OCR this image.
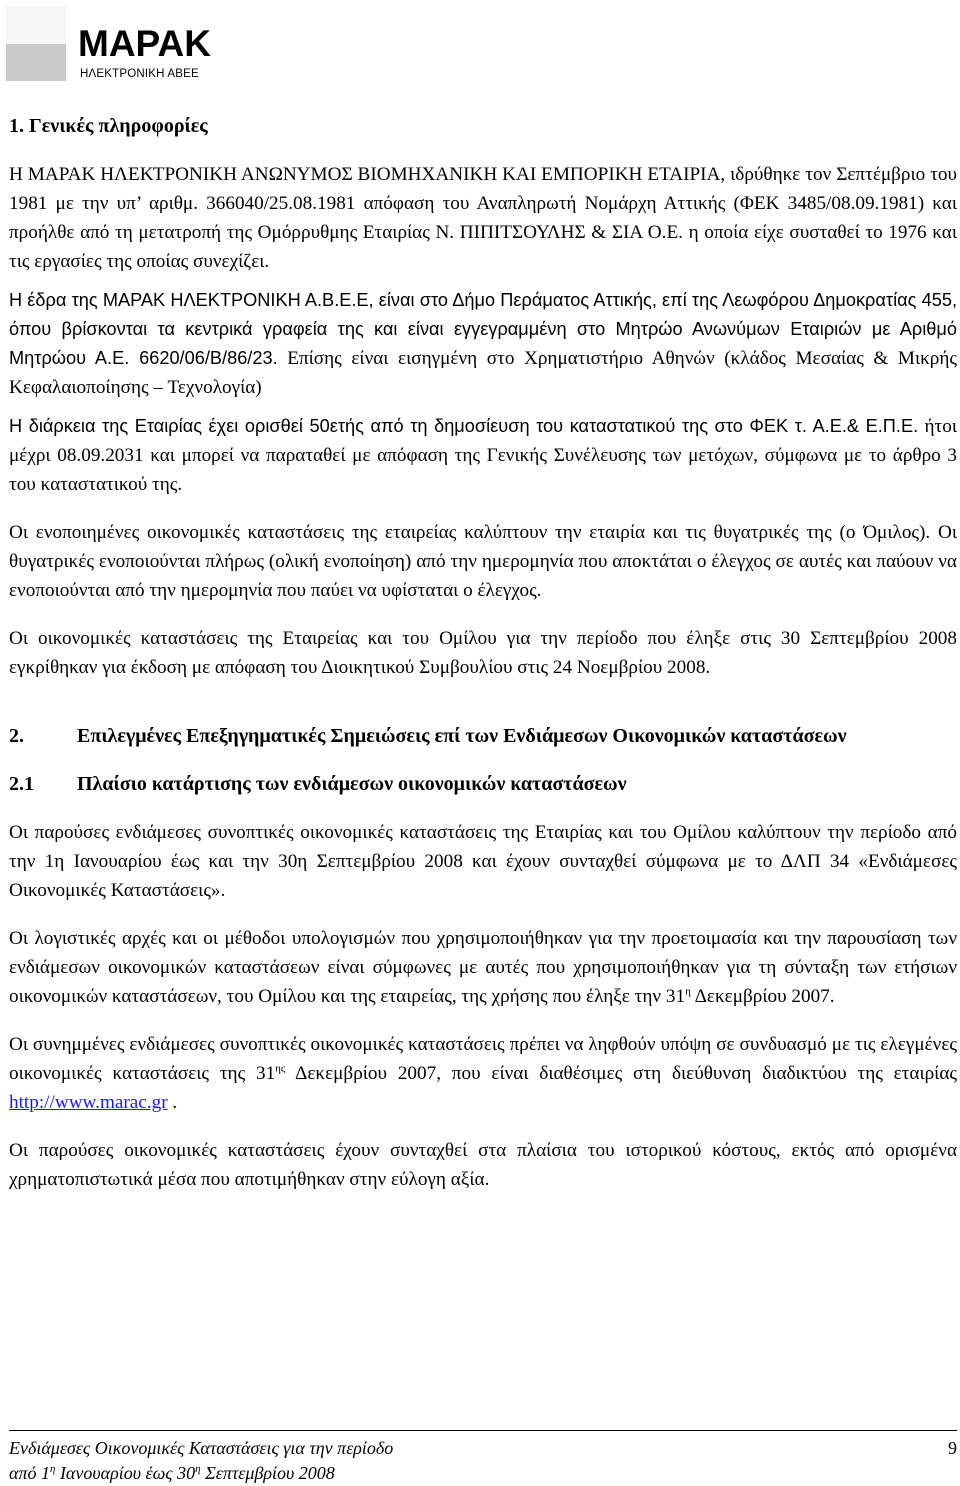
ΜΑΡΑΚ
ΗΛΕΚΤΡΟΝΙΚΗ ΑΒΕΕ
1. Γενικές πληροφορίες

Η ΜΑΡΑΚ ΗΛΕΚΤΡΟΝΙΚΗ ΑΝΩΝΥΜΟΣ ΒΙΟΜΗΧΑΝΙΚΗ ΚΑΙ ΕΜΠΟΡΙΚΗ ΕΤΑΙΡΙΑ, ιδρύθηκε τον Σεπτέμβριο του 1981 με την υπ’ αριθμ. 366040/25.08.1981 απόφαση του Αναπληρωτή Νομάρχη Αττικής (ΦΕΚ 3485/08.09.1981) και προήλθε από τη μετατροπή της Ομόρρυθμης Εταιρίας Ν. ΠΙΠΙΤΣΟΥΛΗΣ & ΣΙΑ Ο.Ε. η οποία είχε συσταθεί το 1976 και τις εργασίες της οποίας συνεχίζει.

Η έδρα της ΜΑΡΑΚ ΗΛΕΚΤΡΟΝΙΚΗ Α.Β.Ε.Ε, είναι στο Δήμο Περάματος Αττικής, επί της Λεωφόρου Δημοκρατίας 455, όπου βρίσκονται τα κεντρικά γραφεία της και είναι εγγεγραμμένη στο Μητρώο Ανωνύμων Εταιριών με Αριθμό Μητρώου Α.Ε. 6620/06/Β/86/23. Επίσης είναι εισηγμένη στο Χρηματιστήριο Αθηνών (κλάδος Μεσαίας & Μικρής Κεφαλαιοποίησης – Τεχνολογία)

Η διάρκεια της Εταιρίας έχει ορισθεί 50ετής από τη δημοσίευση του καταστατικού της στο ΦΕΚ τ. Α.Ε.& Ε.Π.Ε. ήτοι μέχρι 08.09.2031 και μπορεί να παραταθεί με απόφαση της Γενικής Συνέλευσης των μετόχων, σύμφωνα με το άρθρο 3 του καταστατικού της.

Οι ενοποιημένες οικονομικές καταστάσεις της εταιρείας καλύπτουν την εταιρία και τις θυγατρικές της (ο Όμιλος). Οι θυγατρικές ενοποιούνται πλήρως (ολική ενοποίηση) από την ημερομηνία που αποκτάται ο έλεγχος σε αυτές και παύουν να ενοποιούνται από την ημερομηνία που παύει να υφίσταται ο έλεγχος.

Οι οικονομικές καταστάσεις της Εταιρείας και του Ομίλου για την περίοδο που έληξε στις 30 Σεπτεμβρίου 2008 εγκρίθηκαν για έκδοση με απόφαση του Διοικητικού Συμβουλίου στις 24 Νοεμβρίου 2008.

2.	Επιλεγμένες Επεξηγηματικές Σημειώσεις επί των Ενδιάμεσων Οικονομικών καταστάσεων
2.1 Πλαίσιο κατάρτισης των ενδιάμεσων οικονομικών καταστάσεων

Οι παρούσες ενδιάμεσες συνοπτικές οικονομικές καταστάσεις της Εταιρίας και του Ομίλου καλύπτουν την περίοδο από την 1η Ιανουαρίου έως και την 30η Σεπτεμβρίου 2008 και έχουν συνταχθεί σύμφωνα με το ΔΛΠ 34 «Ενδιάμεσες Οικονομικές Καταστάσεις».

Οι λογιστικές αρχές και οι μέθοδοι υπολογισμών που χρησιμοποιήθηκαν για την προετοιμασία και την παρουσίαση των ενδιάμεσων οικονομικών καταστάσεων είναι σύμφωνες με αυτές που χρησιμοποιήθηκαν για τη σύνταξη των ετήσιων οικονομικών καταστάσεων, του Ομίλου και της εταιρείας, της χρήσης που έληξε την $31^\eta$ Δεκεμβρίου 2007.

Οι συνημμένες ενδιάμεσες συνοπτικές οικονομικές καταστάσεις πρέπει να ληφθούν υπόψη σε συνδυασμό με τις ελεγμένες οικονομικές καταστάσεις της $31^{\eta\varsigma}$ Δεκεμβρίου 2007, που είναι διαθέσιμες στη διεύθυνση διαδικτύου της εταιρίας http://www.marac.gr .

Οι παρούσες οικονομικές καταστάσεις έχουν συνταχθεί στα πλαίσια του ιστορικού κόστους, εκτός από ορισμένα χρηματοπιστωτικά μέσα που αποτιμήθηκαν στην εύλογη αξία.

Ενδιάμεσες Οικονομικές Καταστάσεις για την περίοδο
από $1^\eta$ Ιανουαρίου έως $30^\eta$ Σεπτεμβρίου 2008
9
